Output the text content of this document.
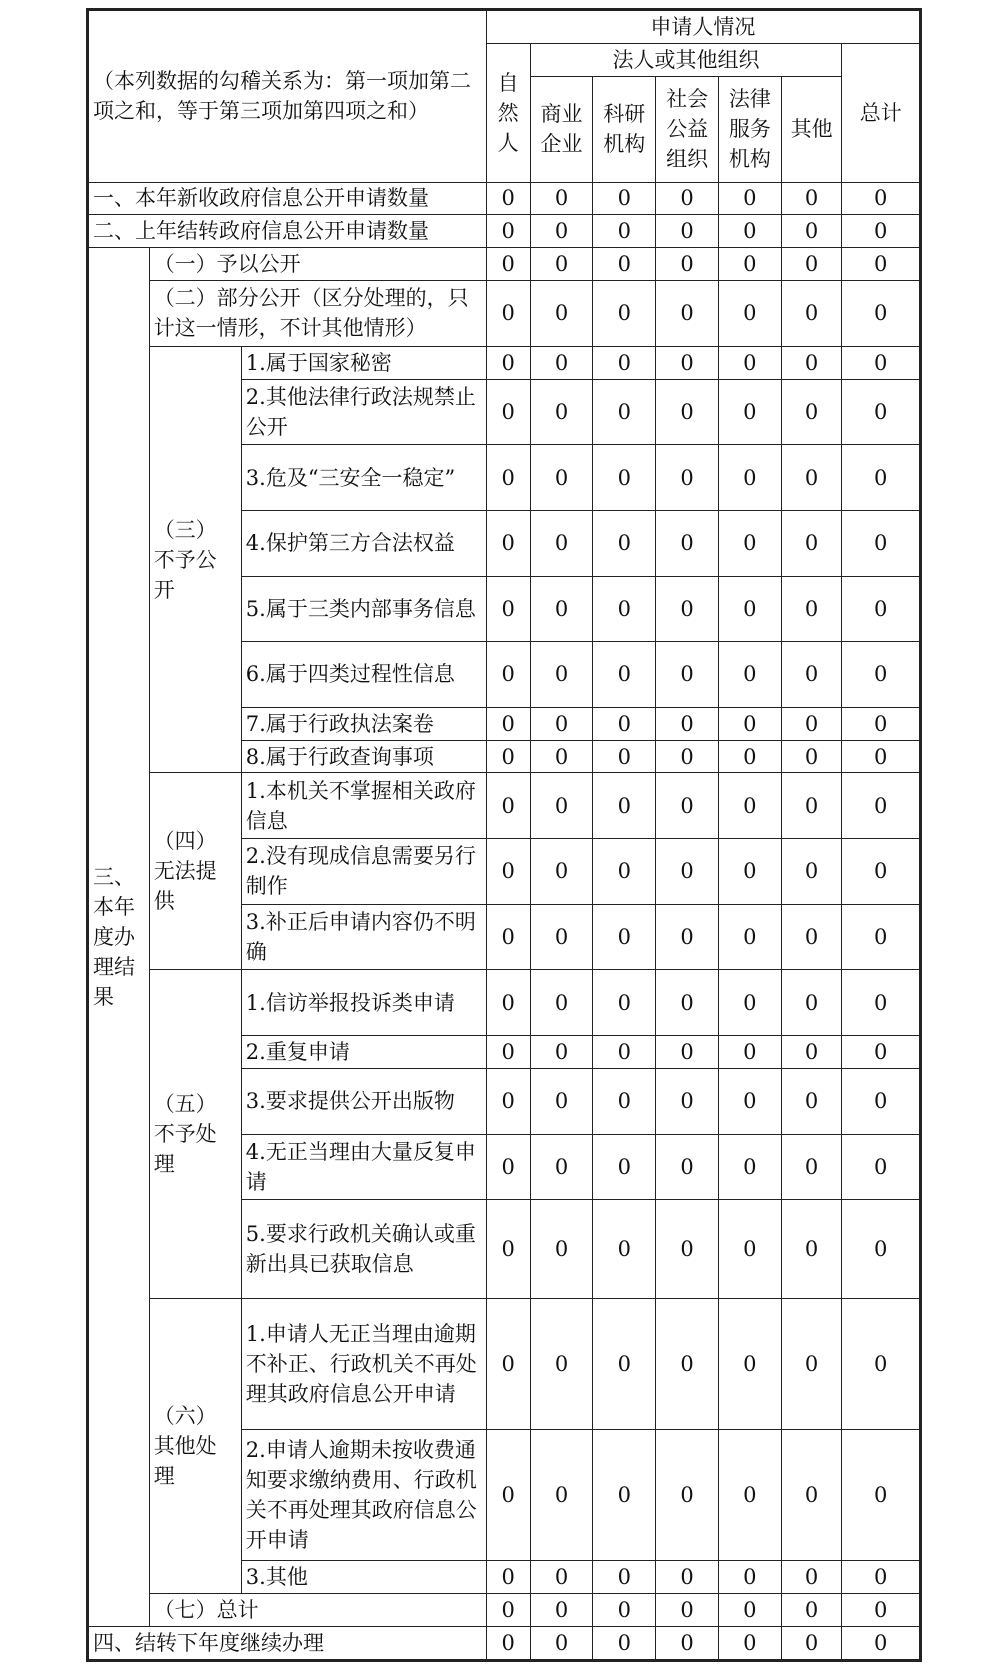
（本列数据的勾稽关系为：第一项加第二项之和，等于第三项加第四项之和）			申请人情况						
			自然人	法人或其他组织					总计
				商业企业	科研机构	社会公益组织	法律服务机构	其他	
一、本年新收政府信息公开申请数量			0	0	0	0	0	0	0
二、上年结转政府信息公开申请数量			0	0	0	0	0	0	0
三、本年度办理结果	（一）予以公开		0	0	0	0	0	0	0
	（二）部分公开（区分处理的，只计这一情形，不计其他情形）		0	0	0	0	0	0	0
	（三）不予公开	1.属于国家秘密	0	0	0	0	0	0	0
		2.其他法律行政法规禁止公开	0	0	0	0	0	0	0
		3.危及“三安全一稳定”	0	0	0	0	0	0	0
		4.保护第三方合法权益	0	0	0	0	0	0	0
		5.属于三类内部事务信息	0	0	0	0	0	0	0
		6.属于四类过程性信息	0	0	0	0	0	0	0
		7.属于行政执法案卷	0	0	0	0	0	0	0
		8.属于行政查询事项	0	0	0	0	0	0	0
	（四）无法提供	1.本机关不掌握相关政府信息	0	0	0	0	0	0	0
		2.没有现成信息需要另行制作	0	0	0	0	0	0	0
		3.补正后申请内容仍不明确	0	0	0	0	0	0	0
	（五）不予处理	1.信访举报投诉类申请	0	0	0	0	0	0	0
		2.重复申请	0	0	0	0	0	0	0
		3.要求提供公开出版物	0	0	0	0	0	0	0
		4.无正当理由大量反复申请	0	0	0	0	0	0	0
		5.要求行政机关确认或重新出具已获取信息	0	0	0	0	0	0	0
	（六）其他处理	1.申请人无正当理由逾期不补正、行政机关不再处理其政府信息公开申请	0	0	0	0	0	0	0
		2.申请人逾期未按收费通知要求缴纳费用、行政机关不再处理其政府信息公开申请	0	0	0	0	0	0	0
		3.其他	0	0	0	0	0	0	0
	（七）总计		0	0	0	0	0	0	0
四、结转下年度继续办理			0	0	0	0	0	0	0
